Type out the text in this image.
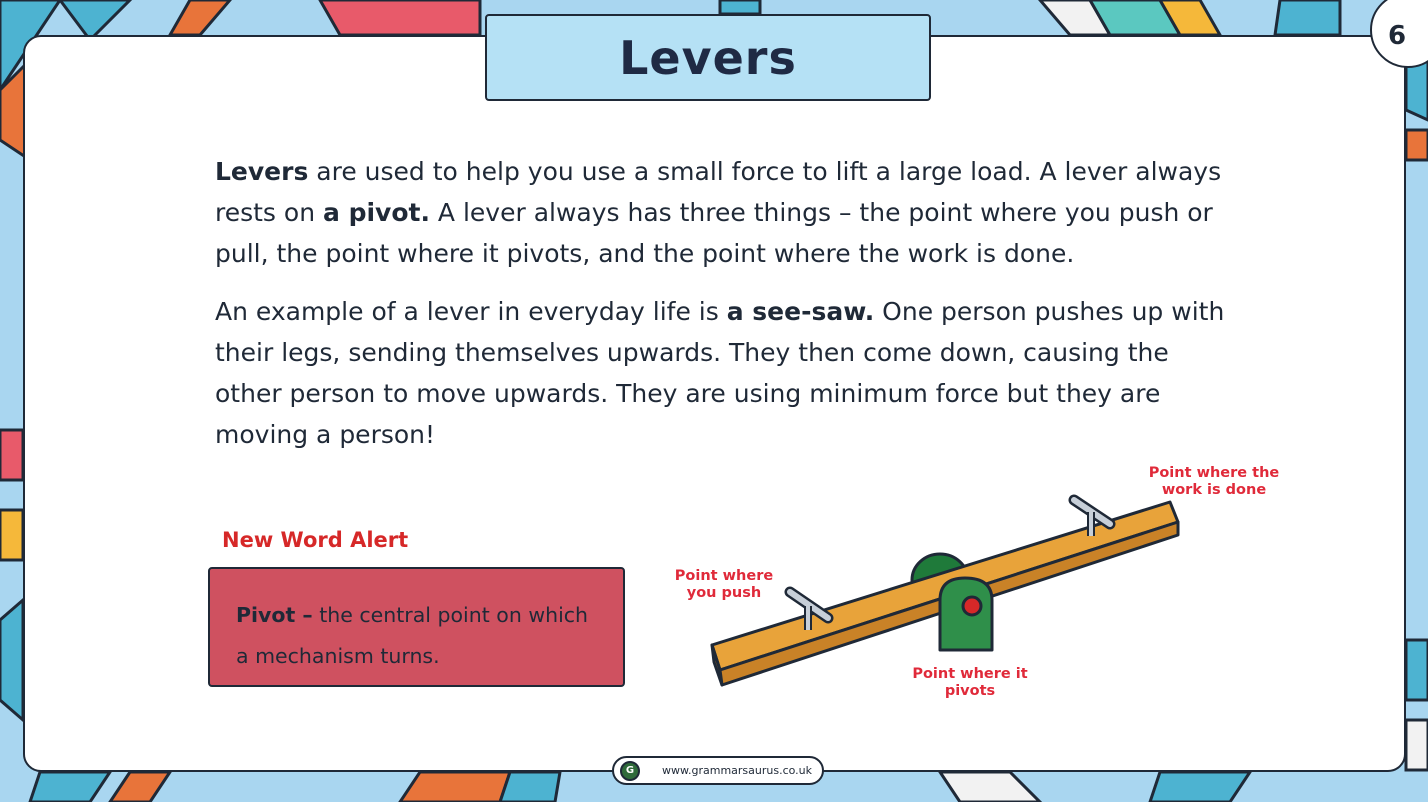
Levers	6

Levers are used to help you use a small force to lift a large load. A lever always rests on a pivot. A lever always has three things – the point where you push or pull, the point where it pivots, and the point where the work is done.

An example of a lever in everyday life is a see-saw. One person pushes up with their legs, sending themselves upwards. They then come down, causing the other person to move upwards. They are using minimum force but they are moving a person!

New Word Alert
Pivot – the central point on which a mechanism turns.
Point where you push
Point where the work is done
Point where it pivots
G	www.grammarsaurus.co.uk
